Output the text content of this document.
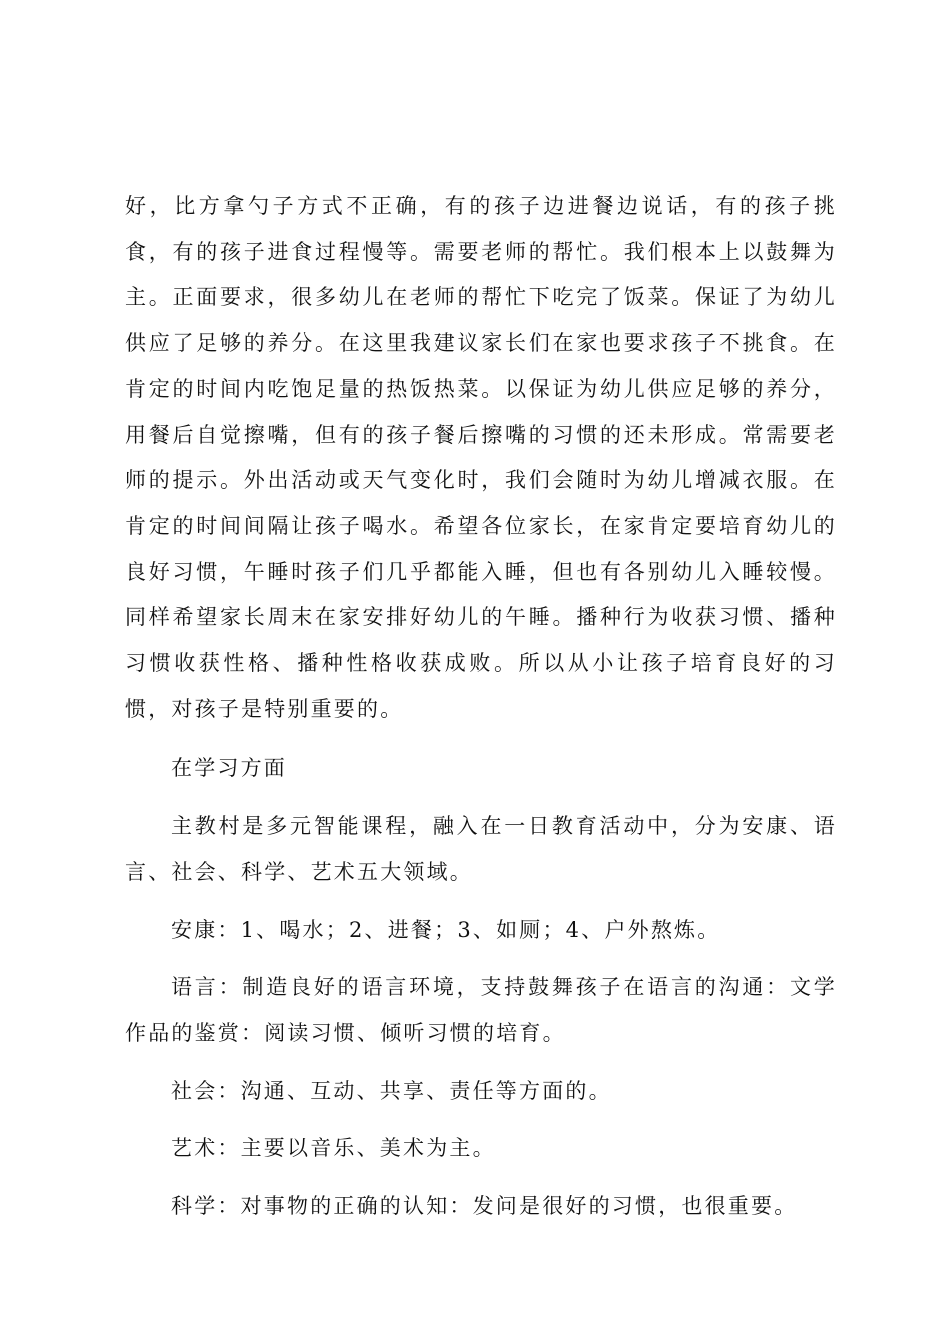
好，比方拿勺子方式不正确，有的孩子边进餐边说话，有的孩子挑食，有的孩子进食过程慢等。需要老师的帮忙。我们根本上以鼓舞为主。正面要求，很多幼儿在老师的帮忙下吃完了饭菜。保证了为幼儿供应了足够的养分。在这里我建议家长们在家也要求孩子不挑食。在肯定的时间内吃饱足量的热饭热菜。以保证为幼儿供应足够的养分，用餐后自觉擦嘴，但有的孩子餐后擦嘴的习惯的还未形成。常需要老师的提示。外出活动或天气变化时，我们会随时为幼儿增减衣服。在肯定的时间间隔让孩子喝水。希望各位家长，在家肯定要培育幼儿的良好习惯，午睡时孩子们几乎都能入睡，但也有各别幼儿入睡较慢。同样希望家长周末在家安排好幼儿的午睡。播种行为收获习惯、播种习惯收获性格、播种性格收获成败。所以从小让孩子培育良好的习惯，对孩子是特别重要的。

在学习方面

主教村是多元智能课程，融入在一日教育活动中，分为安康、语言、社会、科学、艺术五大领域。

安康：1、喝水；2、进餐；3、如厕；4、户外熬炼。

语言：制造良好的语言环境，支持鼓舞孩子在语言的沟通：文学作品的鉴赏：阅读习惯、倾听习惯的培育。

社会：沟通、互动、共享、责任等方面的。

艺术：主要以音乐、美术为主。

科学：对事物的正确的认知：发问是很好的习惯，也很重要。
